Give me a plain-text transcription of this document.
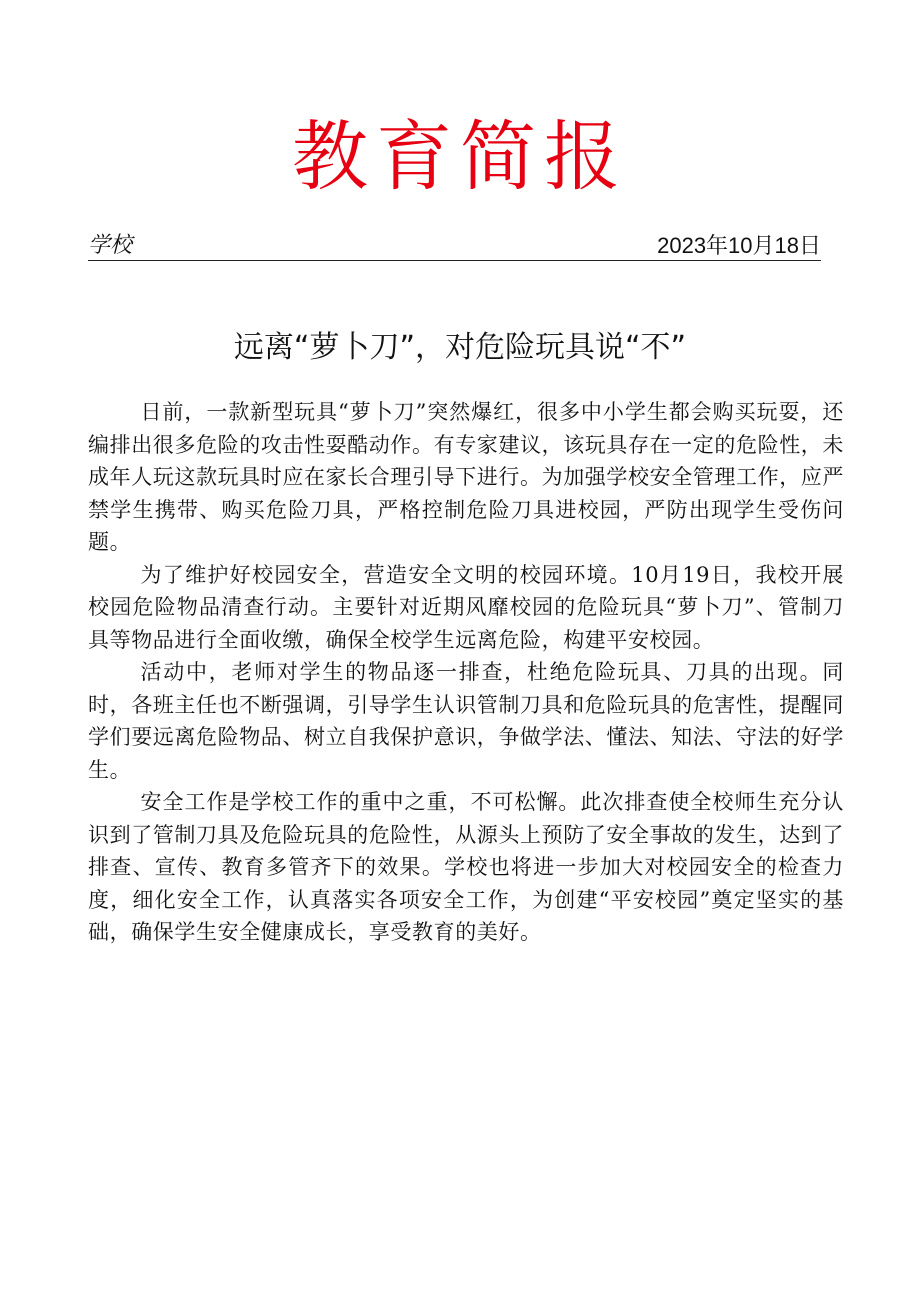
教育简报
学校	2023年10月18日
远离“萝卜刀”，对危险玩具说“不”

日前，一款新型玩具“萝卜刀”突然爆红，很多中小学生都会购买玩耍，还编排出很多危险的攻击性耍酷动作。有专家建议，该玩具存在一定的危险性，未成年人玩这款玩具时应在家长合理引导下进行。为加强学校安全管理工作，应严禁学生携带、购买危险刀具，严格控制危险刀具进校园，严防出现学生受伤问题。

为了维护好校园安全，营造安全文明的校园环境。10月19日，我校开展校园危险物品清查行动。主要针对近期风靡校园的危险玩具“萝卜刀”、管制刀具等物品进行全面收缴，确保全校学生远离危险，构建平安校园。

活动中，老师对学生的物品逐一排查，杜绝危险玩具、刀具的出现。同时，各班主任也不断强调，引导学生认识管制刀具和危险玩具的危害性，提醒同学们要远离危险物品、树立自我保护意识，争做学法、懂法、知法、守法的好学生。

安全工作是学校工作的重中之重，不可松懈。此次排查使全校师生充分认识到了管制刀具及危险玩具的危险性，从源头上预防了安全事故的发生，达到了排查、宣传、教育多管齐下的效果。学校也将进一步加大对校园安全的检查力度，细化安全工作，认真落实各项安全工作，为创建“平安校园”奠定坚实的基础，确保学生安全健康成长，享受教育的美好。
